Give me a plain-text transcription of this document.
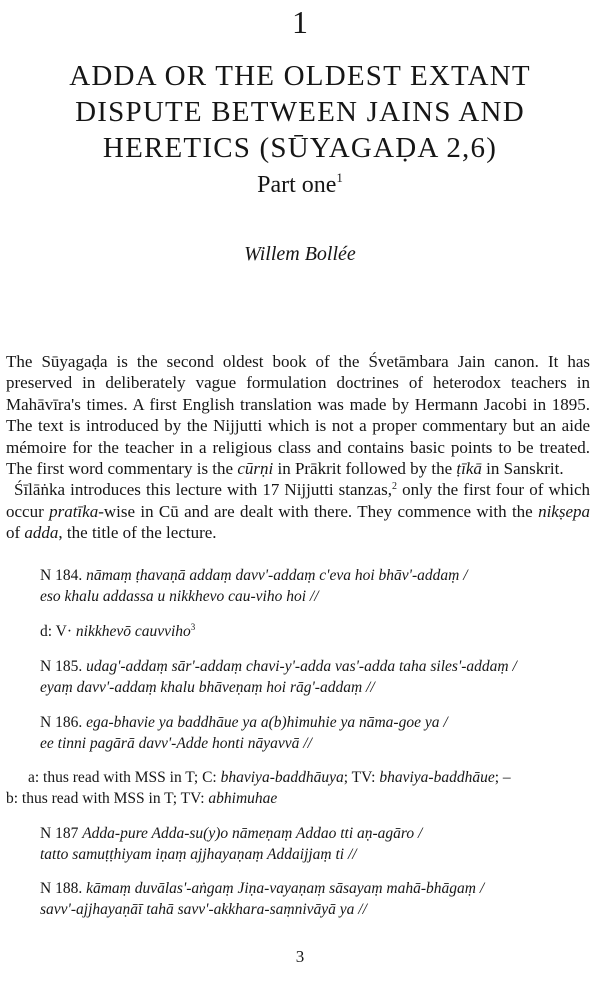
1
ADDA OR THE OLDEST EXTANT
DISPUTE BETWEEN JAINS AND
HERETICS (SŪYAGAḌA 2,6)
Part one$^1$
Willem Bollée

The Sūyagaḍa is the second oldest book of the Śvetāmbara Jain canon. It has preserved in deliberately vague formulation doctrines of heterodox teachers in Mahāvīra's times. A first English translation was made by Hermann Jacobi in 1895. The text is introduced by the Nijjutti which is not a proper commentary but an aide mémoire for the teacher in a religious class and contains basic points to be treated. The first word commentary is the cūrṇi in Prākrit followed by the ṭīkā in Sanskrit.

Śīlāṅka introduces this lecture with 17 Nijjutti stanzas,$^2$ only the first four of which occur pratīka-wise in Cū and are dealt with there. They commence with the nikṣepa of adda, the title of the lecture.

N 184. nāmaṃ ṭhavaṇā addaṃ davv'-addaṃ c'eva hoi bhāv'-addaṃ /
eso khalu addassa u nikkhevo cau-viho hoi //
d: V· nikkhevō cauvviho$^3$
N 185. udag'-addaṃ sār'-addaṃ chavi-y'-adda vas'-adda taha siles'-addaṃ /
eyaṃ davv'-addaṃ khalu bhāveṇaṃ hoi rāg'-addaṃ //
N 186. ega-bhavie ya baddhāue ya a(b)himuhie ya nāma-goe ya /
ee tinni pagārā davv'-Adde honti nāyavvā //
a: thus read with MSS in T; C: bhaviya-baddhāuya; TV: bhaviya-baddhāue; –
b: thus read with MSS in T; TV: abhimuhae
N 187 Adda-pure Adda-su(y)o nāmeṇaṃ Addao tti aṇ-agāro /
tatto samuṭṭhiyam iṇaṃ ajjhayaṇaṃ Addaijjaṃ ti //
N 188. kāmaṃ duvālas'-aṅgaṃ Jiṇa-vayaṇaṃ sāsayaṃ mahā-bhāgaṃ /
savv'-ajjhayaṇāī tahā savv'-akkhara-saṃnivāyā ya //
3
